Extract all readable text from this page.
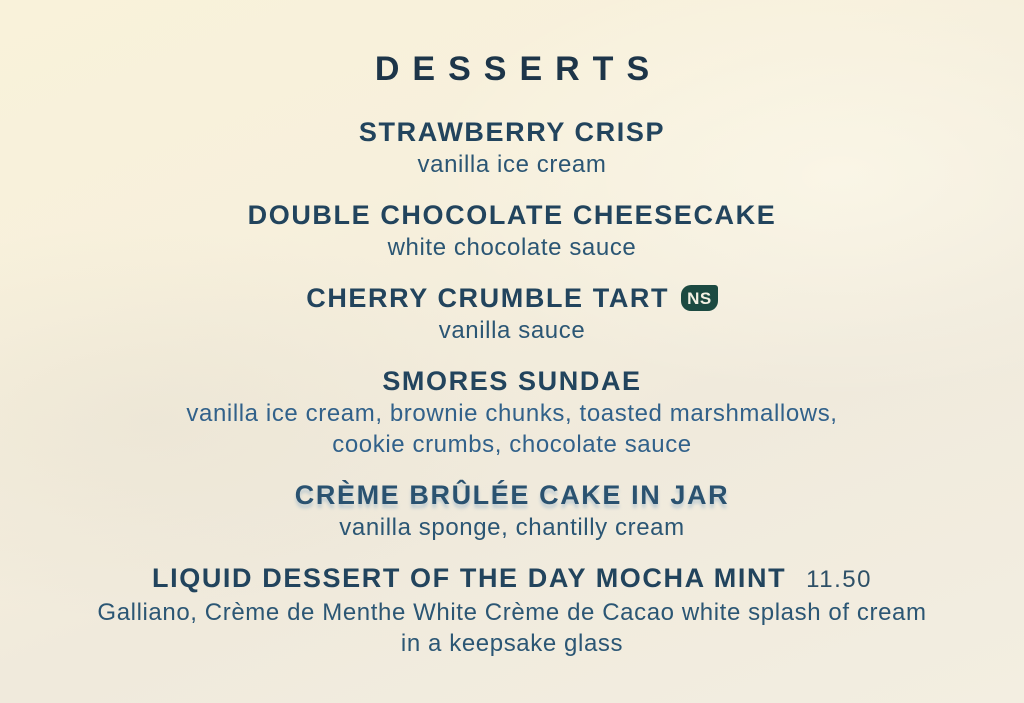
DESSERTS
STRAWBERRY CRISP
vanilla ice cream
DOUBLE CHOCOLATE CHEESECAKE
white chocolate sauce
CHERRY CRUMBLE TART NS
vanilla sauce
SMORES SUNDAE
vanilla ice cream, brownie chunks, toasted marshmallows,
cookie crumbs, chocolate sauce
CRÈME BRÛLÉE CAKE IN JAR
vanilla sponge, chantilly cream
LIQUID DESSERT OF THE DAY MOCHA MINT 11.50
Galliano, Crème de Menthe White Crème de Cacao white splash of cream
in a keepsake glass
